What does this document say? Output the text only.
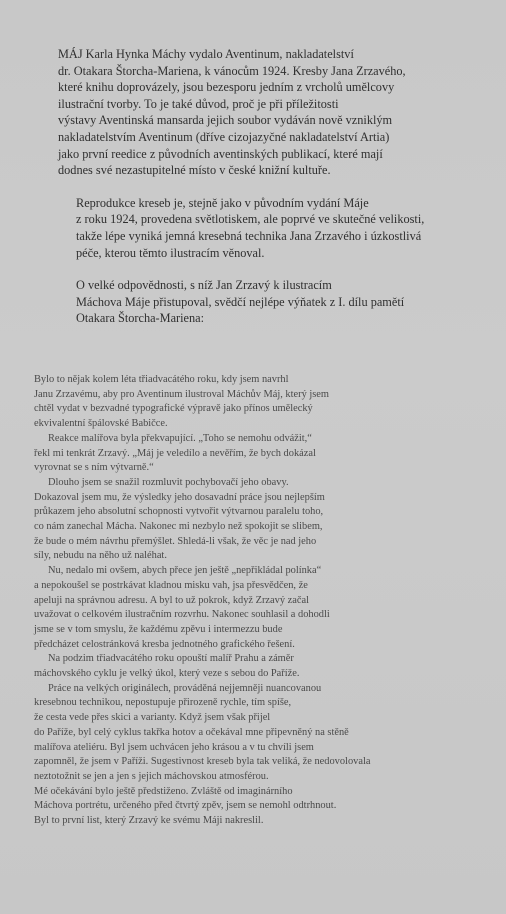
MÁJ Karla Hynka Máchy vydalo Aventinum, nakladatelství
dr. Otakara Štorcha-Mariena, k vánocům 1924. Kresby Jana Zrzavého,
které knihu doprovázely, jsou bezesporu jedním z vrcholů umělcovy
ilustrační tvorby. To je také důvod, proč je při příležitosti
výstavy Aventinská mansarda jejich soubor vydáván nově vzniklým
nakladatelstvím Aventinum (dříve cizojazyčné nakladatelství Artia)
jako první reedice z původních aventinských publikací, které mají
dodnes své nezastupitelné místo v české knižní kultuře.

Reprodukce kreseb je, stejně jako v původním vydání Máje
z roku 1924, provedena světlotiskem, ale poprvé ve skutečné velikosti,
takže lépe vyniká jemná kresebná technika Jana Zrzavého i úzkostlivá
péče, kterou těmto ilustracím věnoval.

O velké odpovědnosti, s níž Jan Zrzavý k ilustracím
Máchova Máje přistupoval, svědčí nejlépe výňatek z I. dílu pamětí
Otakara Štorcha-Mariena:

Bylo to nějak kolem léta třiadvacátého roku, kdy jsem navrhl
Janu Zrzavému, aby pro Aventinum ilustroval Máchův Máj, který jsem
chtěl vydat v bezvadné typografické výpravě jako přínos umělecký
ekvivalentní špálovské Babičce.
Reakce malířova byla překvapující. „Toho se nemohu odvážit,“
řekl mi tenkrát Zrzavý. „Máj je veledílo a nevěřím, že bych dokázal
vyrovnat se s ním výtvarně.“
Dlouho jsem se snažil rozmluvit pochybovačí jeho obavy.
Dokazoval jsem mu, že výsledky jeho dosavadní práce jsou nejlepším
průkazem jeho absolutní schopnosti vytvořit výtvarnou paralelu toho,
co nám zanechal Mácha. Nakonec mi nezbylo než spokojit se slibem,
že bude o mém návrhu přemýšlet. Shledá-li však, že věc je nad jeho
síly, nebudu na něho už naléhat.
Nu, nedalo mi ovšem, abych přece jen ještě „nepřikládal polínka“
a nepokoušel se postrkávat kladnou misku vah, jsa přesvědčen, že
apeluji na správnou adresu. A byl to už pokrok, když Zrzavý začal
uvažovat o celkovém ilustračním rozvrhu. Nakonec souhlasil a dohodli
jsme se v tom smyslu, že každému zpěvu i intermezzu bude
předcházet celostránková kresba jednotného grafického řešení.
Na podzim třiadvacátého roku opouští malíř Prahu a záměr
máchovského cyklu je velký úkol, který veze s sebou do Paříže.
Práce na velkých originálech, prováděná nejjemněji nuancovanou
kresebnou technikou, nepostupuje přirozeně rychle, tím spíše,
že cesta vede přes skici a varianty. Když jsem však přijel
do Paříže, byl celý cyklus takřka hotov a očekával mne připevněný na stěně
malířova ateliéru. Byl jsem uchvácen jeho krásou a v tu chvíli jsem
zapomněl, že jsem v Paříži. Sugestivnost kreseb byla tak veliká, že nedovolovala
neztotožnit se jen a jen s jejich máchovskou atmosférou.
Mé očekávání bylo ještě předstiženo. Zvláště od imaginárního
Máchova portrétu, určeného před čtvrtý zpěv, jsem se nemohl odtrhnout.
Byl to první list, který Zrzavý ke svému Máji nakreslil.
